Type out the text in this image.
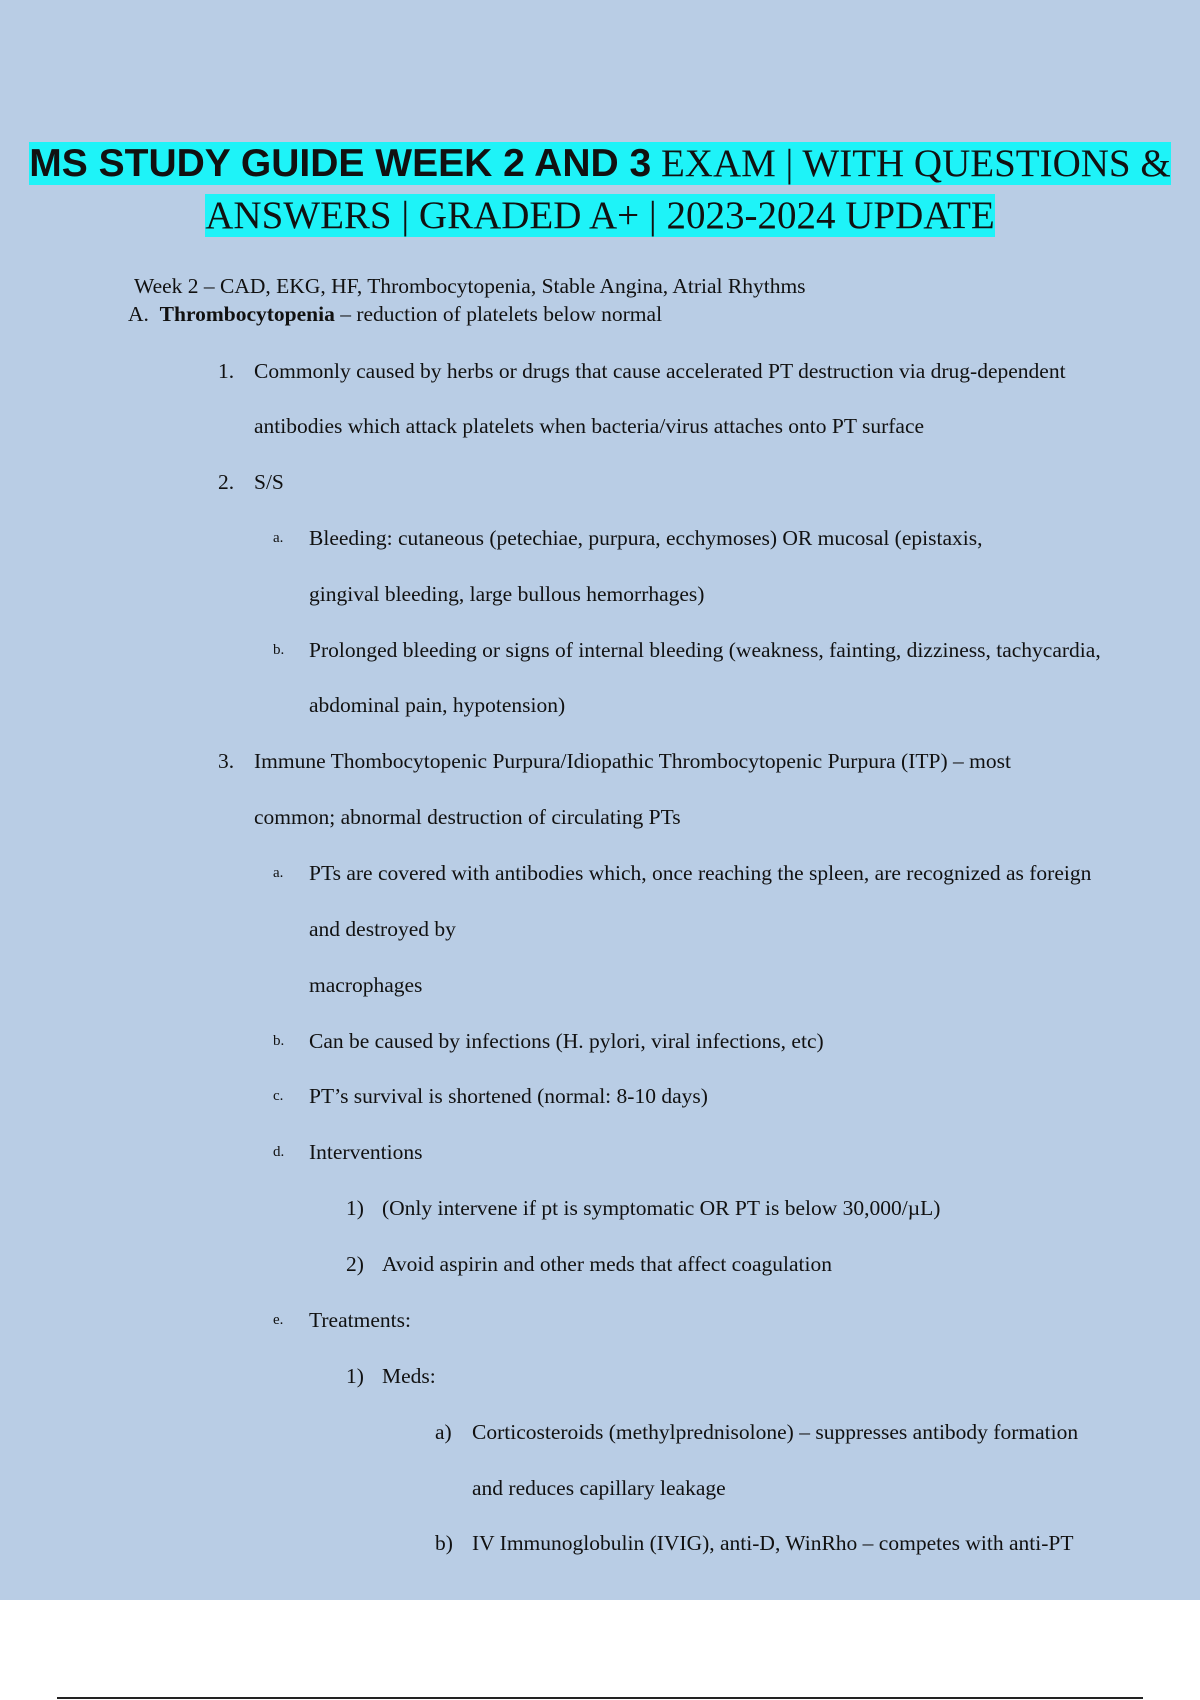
MS STUDY GUIDE WEEK 2 AND 3 EXAM | WITH QUESTIONS &
ANSWERS | GRADED A+ | 2023-2024 UPDATE
Week 2 – CAD, EKG, HF, Thrombocytopenia, Stable Angina, Atrial Rhythms
A. Thrombocytopenia – reduction of platelets below normal
1. Commonly caused by herbs or drugs that cause accelerated PT destruction via drug-dependent
antibodies which attack platelets when bacteria/virus attaches onto PT surface
2. S/S
a. Bleeding: cutaneous (petechiae, purpura, ecchymoses) OR mucosal (epistaxis,
gingival bleeding, large bullous hemorrhages)
b. Prolonged bleeding or signs of internal bleeding (weakness, fainting, dizziness, tachycardia,
abdominal pain, hypotension)
3. Immune Thombocytopenic Purpura/Idiopathic Thrombocytopenic Purpura (ITP) – most
common; abnormal destruction of circulating PTs
a. PTs are covered with antibodies which, once reaching the spleen, are recognized as foreign
and destroyed by
macrophages
b. Can be caused by infections (H. pylori, viral infections, etc)
c. PT’s survival is shortened (normal: 8-10 days)
d. Interventions
1) (Only intervene if pt is symptomatic OR PT is below 30,000/µL)
2) Avoid aspirin and other meds that affect coagulation
e. Treatments:
1) Meds:
a) Corticosteroids (methylprednisolone) – suppresses antibody formation
and reduces capillary leakage
b) IV Immunoglobulin (IVIG), anti-D, WinRho – competes with anti-PT
